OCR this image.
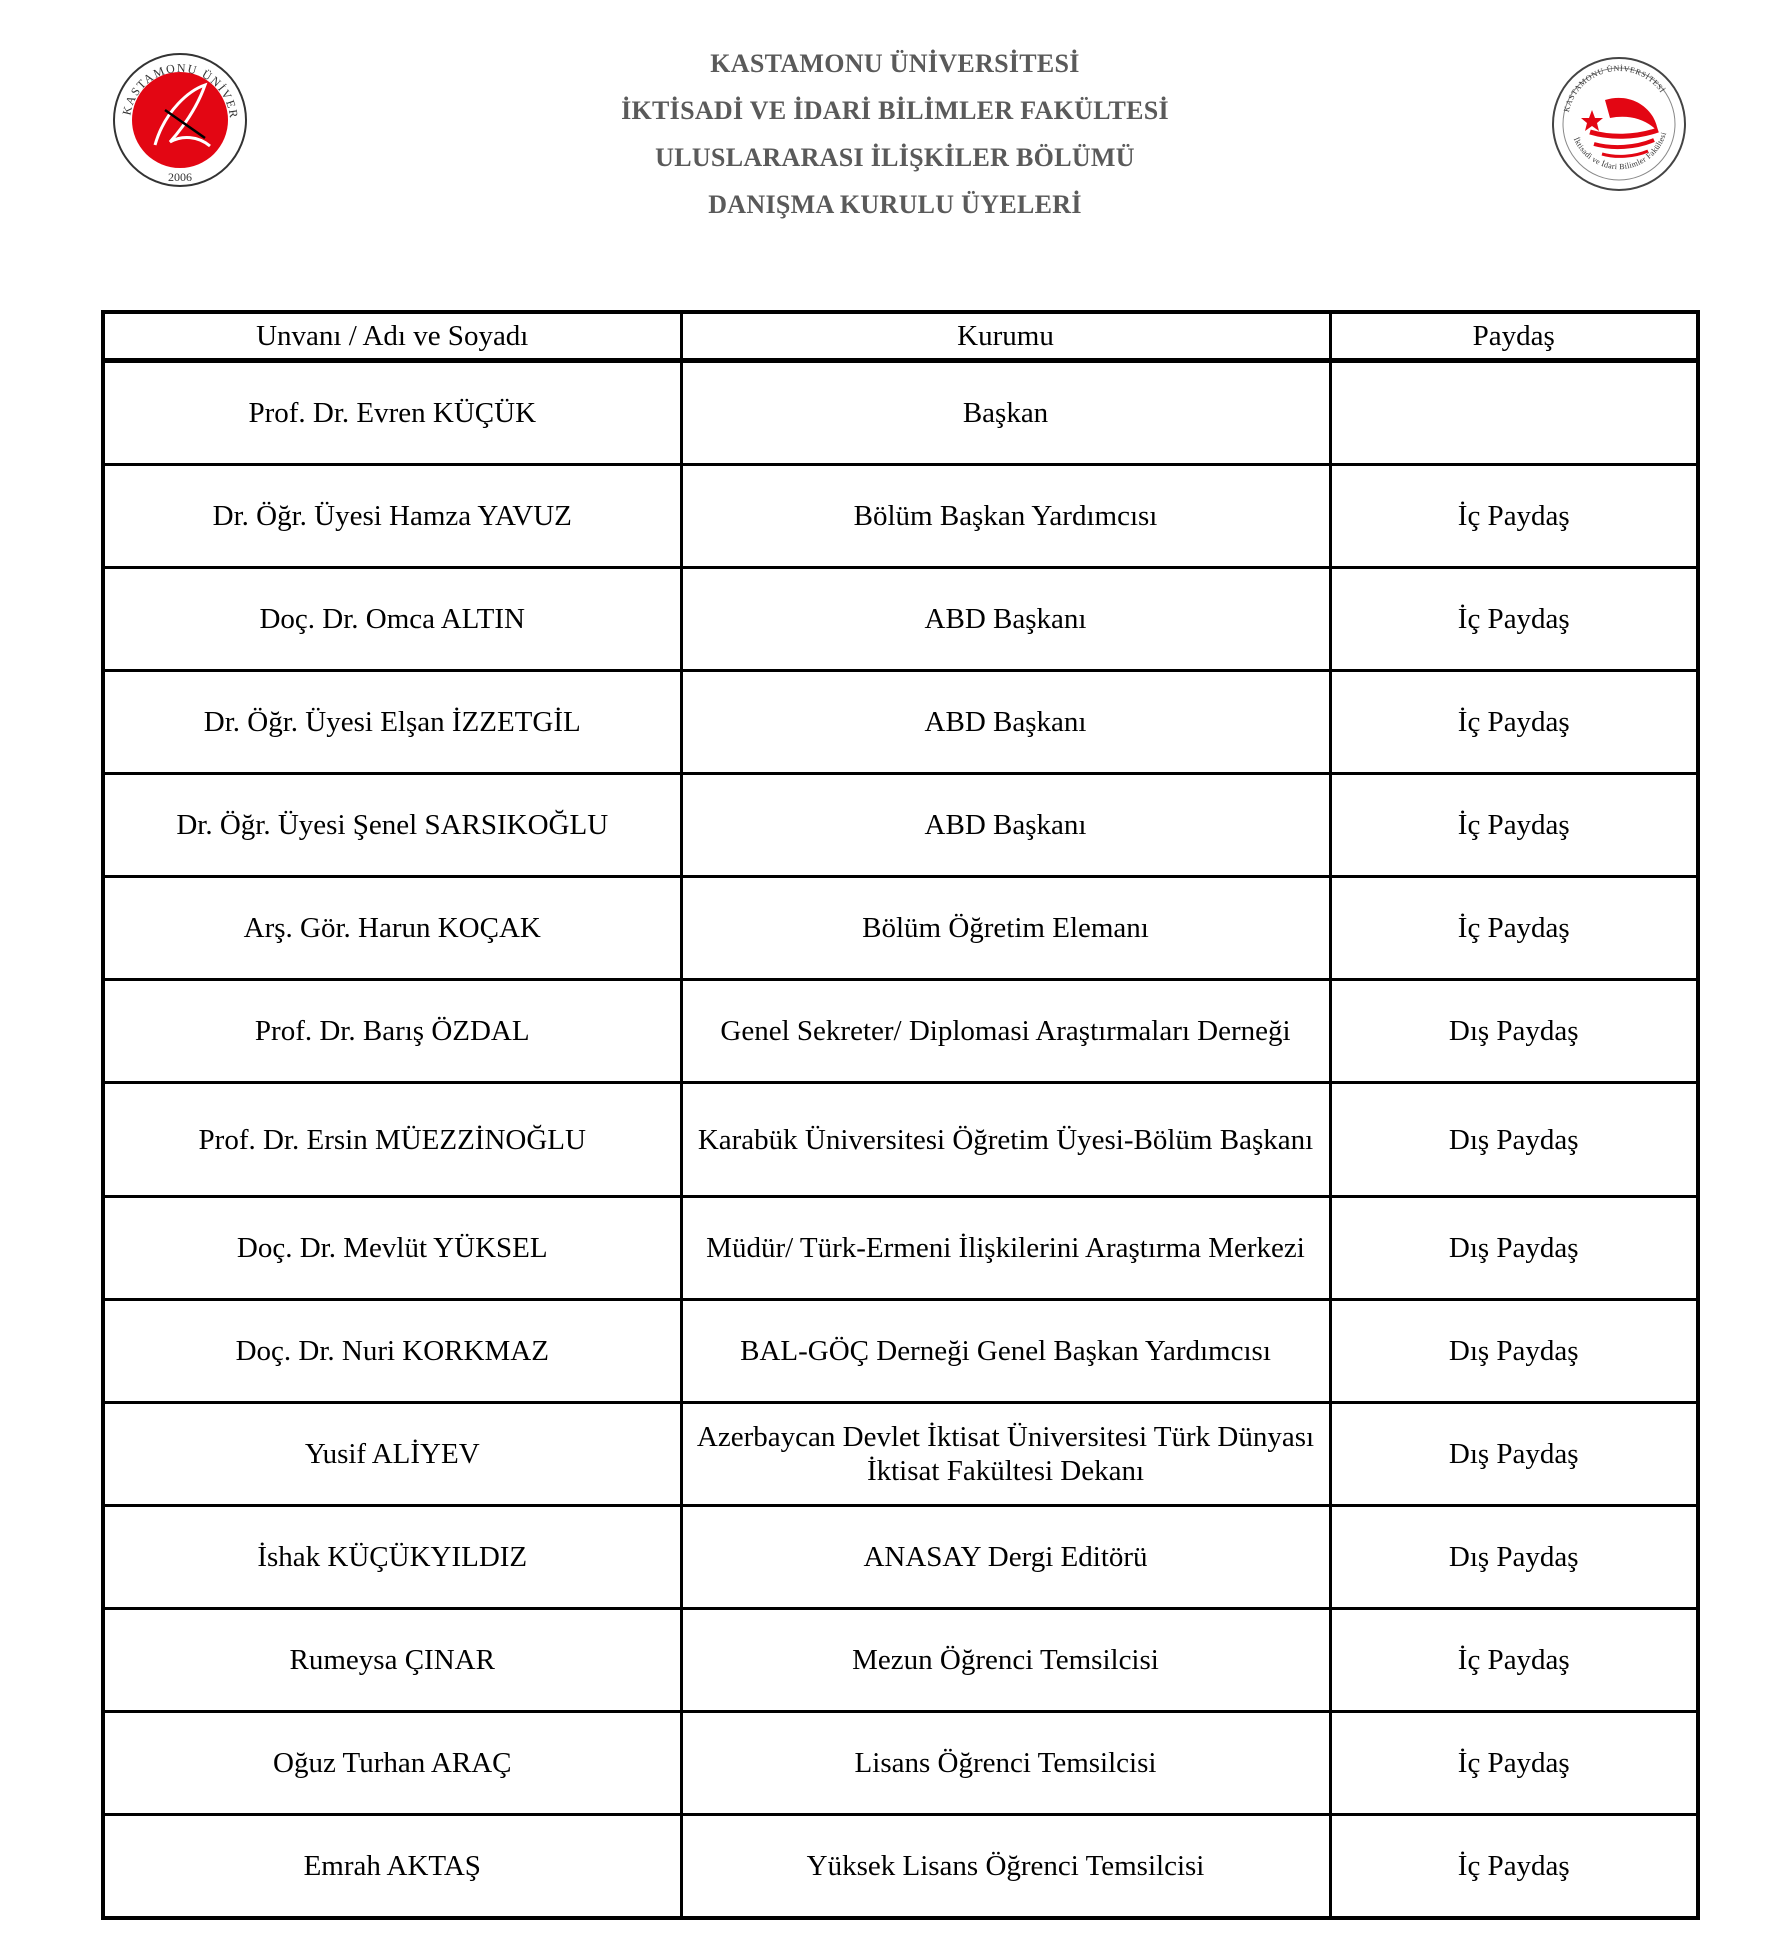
KASTAMONU ÜNİVER
2006
KASTAMONU ÜNİVERSİTESİ
İKTİSADİ VE İDARİ BİLİMLER FAKÜLTESİ
ULUSLARARASI İLİŞKİLER BÖLÜMÜ
DANIŞMA KURULU ÜYELERİ
KASTAMONU ÜNİVERSİTESİ
İktisadi ve İdari Bilimler Fakültesi
Unvanı / Adı ve Soyadı	Kurumu	Paydaş
Prof. Dr. Evren KÜÇÜK	Başkan	
Dr. Öğr. Üyesi Hamza YAVUZ	Bölüm Başkan Yardımcısı	İç Paydaş
Doç. Dr. Omca ALTIN	ABD Başkanı	İç Paydaş
Dr. Öğr. Üyesi Elşan İZZETGİL	ABD Başkanı	İç Paydaş
Dr. Öğr. Üyesi Şenel SARSIKOĞLU	ABD Başkanı	İç Paydaş
Arş. Gör. Harun KOÇAK	Bölüm Öğretim Elemanı	İç Paydaş
Prof. Dr. Barış ÖZDAL	Genel Sekreter/ Diplomasi Araştırmaları Derneği	Dış Paydaş
Prof. Dr. Ersin MÜEZZİNOĞLU	Karabük Üniversitesi Öğretim Üyesi-Bölüm Başkanı	Dış Paydaş
Doç. Dr. Mevlüt YÜKSEL	Müdür/ Türk-Ermeni İlişkilerini Araştırma Merkezi	Dış Paydaş
Doç. Dr. Nuri KORKMAZ	BAL-GÖÇ Derneği Genel Başkan Yardımcısı	Dış Paydaş
Yusif ALİYEV	Azerbaycan Devlet İktisat Üniversitesi Türk Dünyası İktisat Fakültesi Dekanı	Dış Paydaş
İshak KÜÇÜKYILDIZ	ANASAY Dergi Editörü	Dış Paydaş
Rumeysa ÇINAR	Mezun Öğrenci Temsilcisi	İç Paydaş
Oğuz Turhan ARAÇ	Lisans Öğrenci Temsilcisi	İç Paydaş
Emrah AKTAŞ	Yüksek Lisans Öğrenci Temsilcisi	İç Paydaş
